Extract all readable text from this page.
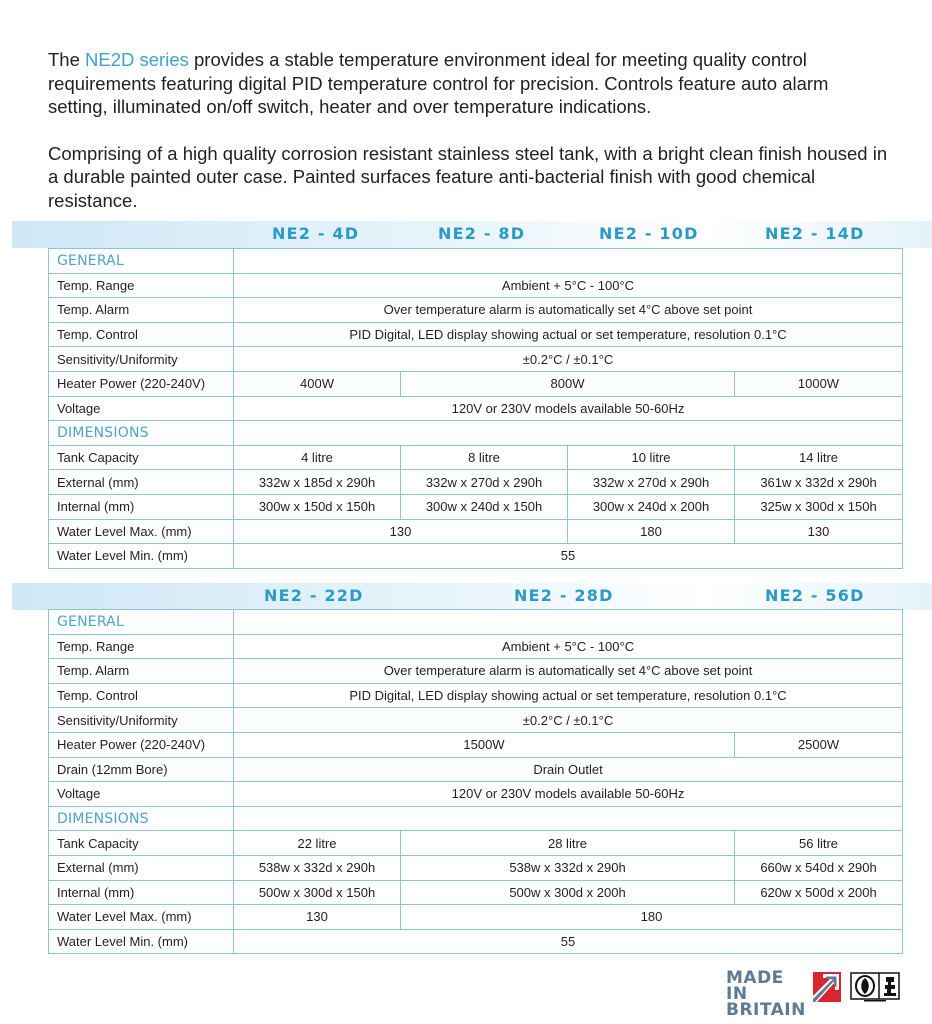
The NE2D series provides a stable temperature environment ideal for meeting quality control requirements featuring digital PID temperature control for precision. Controls feature auto alarm setting, illuminated on/off switch, heater and over temperature indications.

Comprising of a high quality corrosion resistant stainless steel tank, with a bright clean finish housed in a durable painted outer case. Painted surfaces feature anti-bacterial finish with good chemical resistance.

NE2 - 4D	NE2 - 8D	NE2 - 10D	NE2 - 14D
GENERAL				
Temp. Range	Ambient + 5°C - 100°C			
Temp. Alarm	Over temperature alarm is automatically set 4°C above set point			
Temp. Control	PID Digital, LED display showing actual or set temperature, resolution 0.1°C			
Sensitivity/Uniformity	±0.2°C / ±0.1°C			
Heater Power (220-240V)	400W	800W		1000W
Voltage	120V or 230V models available 50-60Hz			
DIMENSIONS				
Tank Capacity	4 litre	8 litre	10 litre	14 litre
External (mm)	332w x 185d x 290h	332w x 270d x 290h	332w x 270d x 290h	361w x 332d x 290h
Internal (mm)	300w x 150d x 150h	300w x 240d x 150h	300w x 240d x 200h	325w x 300d x 150h
Water Level Max. (mm)	130		180	130
Water Level Min. (mm)	55			
NE2 - 22D	NE2 - 28D	NE2 - 56D
GENERAL			
Temp. Range	Ambient + 5°C - 100°C		
Temp. Alarm	Over temperature alarm is automatically set 4°C above set point		
Temp. Control	PID Digital, LED display showing actual or set temperature, resolution 0.1°C		
Sensitivity/Uniformity	±0.2°C / ±0.1°C		
Heater Power (220-240V)	1500W		2500W
Drain (12mm Bore)	Drain Outlet		
Voltage	120V or 230V models available 50-60Hz		
DIMENSIONS			
Tank Capacity	22 litre	28 litre	56 litre
External (mm)	538w x 332d x 290h	538w x 332d x 290h	660w x 540d x 290h
Internal (mm)	500w x 300d x 150h	500w x 300d x 200h	620w x 500d x 200h
Water Level Max. (mm)	130	180	
Water Level Min. (mm)	55		
MADE IN
BRITAIN
